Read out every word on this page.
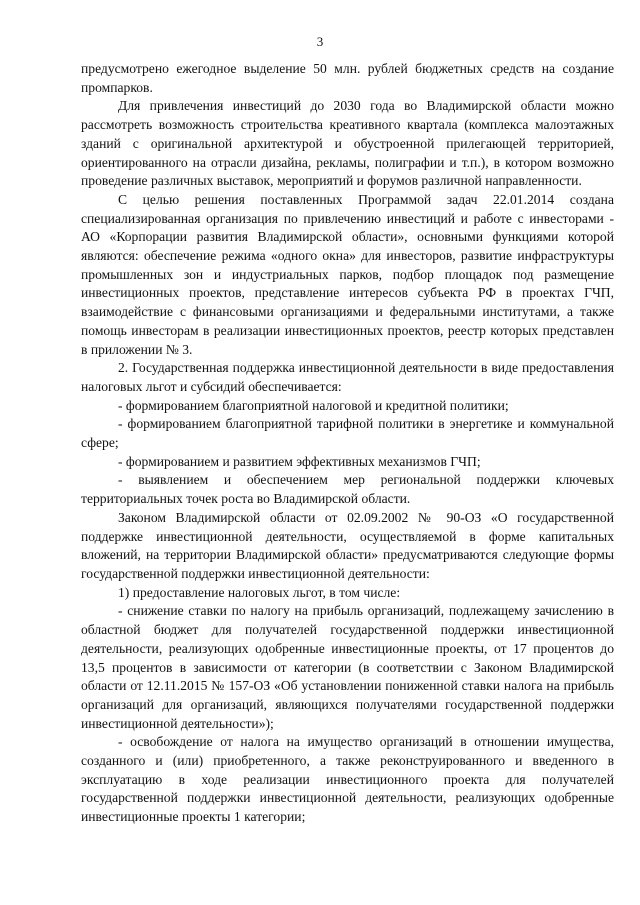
3

предусмотрено ежегодное выделение 50 млн. рублей бюджетных средств на создание промпарков.

Для привлечения инвестиций до 2030 года во Владимирской области можно рассмотреть возможность строительства креативного квартала (комплекса малоэтажных зданий с оригинальной архитектурой и обустроенной прилегающей территорией, ориентированного на отрасли дизайна, рекламы, полиграфии и т.п.), в котором возможно проведение различных выставок, мероприятий и форумов различной направленности.

С целью решения поставленных Программой задач 22.01.2014 создана специализированная организация по привлечению инвестиций и работе с инвесторами - АО «Корпорации развития Владимирской области», основными функциями которой являются: обеспечение режима «одного окна» для инвесторов, развитие инфраструктуры промышленных зон и индустриальных парков, подбор площадок под размещение инвестиционных проектов, представление интересов субъекта РФ в проектах ГЧП, взаимодействие с финансовыми организациями и федеральными институтами, а также помощь инвесторам в реализации инвестиционных проектов, реестр которых представлен в приложении № 3.

2. Государственная поддержка инвестиционной деятельности в виде предоставления налоговых льгот и субсидий обеспечивается:

- формированием благоприятной налоговой и кредитной политики;

- формированием благоприятной тарифной политики в энергетике и коммунальной сфере;

- формированием и развитием эффективных механизмов ГЧП;

- выявлением и обеспечением мер региональной поддержки ключевых территориальных точек роста во Владимирской области.

Законом Владимирской области от 02.09.2002 № 90-ОЗ «О государственной поддержке инвестиционной деятельности, осуществляемой в форме капитальных вложений, на территории Владимирской области» предусматриваются следующие формы государственной поддержки инвестиционной деятельности:

1) предоставление налоговых льгот, в том числе:

- снижение ставки по налогу на прибыль организаций, подлежащему зачислению в областной бюджет для получателей государственной поддержки инвестиционной деятельности, реализующих одобренные инвестиционные проекты, от 17 процентов до 13,5 процентов в зависимости от категории (в соответствии с Законом Владимирской области от 12.11.2015 № 157-ОЗ «Об установлении пониженной ставки налога на прибыль организаций для организаций, являющихся получателями государственной поддержки инвестиционной деятельности»);

- освобождение от налога на имущество организаций в отношении имущества, созданного и (или) приобретенного, а также реконструированного и введенного в эксплуатацию в ходе реализации инвестиционного проекта для получателей государственной поддержки инвестиционной деятельности, реализующих одобренные инвестиционные проекты 1 категории;
